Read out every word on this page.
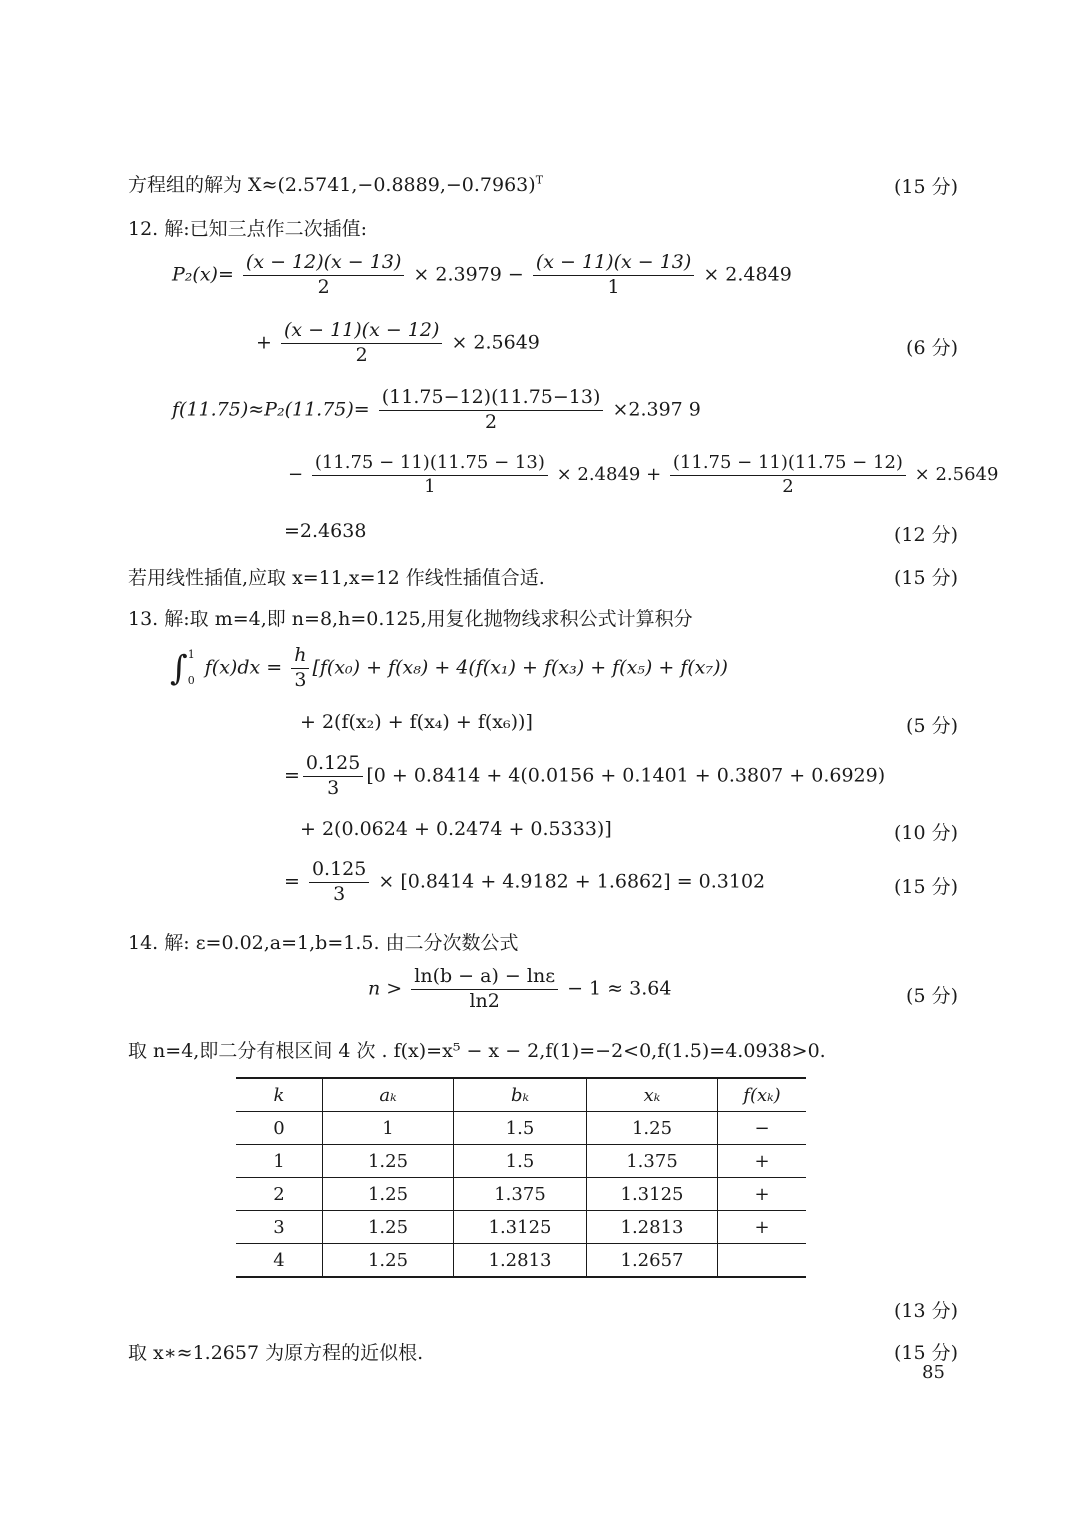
方程组的解为 $X\approx(2.5741,-0.8889,-0.7963)^T$	(15 分)
12. 解:已知三点作二次插值:
$P_2(x)= \frac{(x - 12)(x - 13)}{2} \times 2.3979 - \frac{(x - 11)(x - 13)}{1} \times 2.4849$
+ $\frac{(x - 11)(x - 12)}{2} \times 2.5649$	(6 分)
$f(11.75)\approx P_2(11.75)= \frac{(11.75-12)(11.75-13)}{2} \times 2.397$ 9
− $\frac{(11.75 - 11)(11.75 - 13)}{1} \times 2.4849 + \frac{(11.75 - 11)(11.75 - 12)}{2} \times 2.5649$
=2.4638	(12 分)
若用线性插值,应取 x=11,x=12 作线性插值合适.	(15 分)
13. 解:取 m=4,即 n=8,h=0.125,用复化抛物线求积公式计算积分
∫ 1
0
$f(x)dx = \frac{h}{3} [f(x_0) + f(x_8) + 4(f(x_1) + f(x_3) + f(x_5) + f(x_7))$
+ 2(f(x₂) + f(x₄) + f(x₆))]	(5 分)
= $\frac{0.125}{3} [0 + 0.8414 + 4(0.0156 + 0.1401 + 0.3807 + 0.6929)$
+ 2(0.0624 + 0.2474 + 0.5333)]	(10 分)
= $\frac{0.125}{3} \times [0.8414 + 4.9182 + 1.6862] = 0.3102$	(15 分)
14. 解: ε=0.02,a=1,b=1.5. 由二分次数公式
$n > \frac{\ln(b - a) - \ln\varepsilon}{\ln 2} - 1 \approx 3.64$	(5 分)
取 n=4,即二分有根区间 4 次 . f(x)=x⁵ − x − 2,f(1)=−2<0,f(1.5)=4.0938>0.
k	aₖ	bₖ	xₖ	f(xₖ)
0	1	1.5	1.25	−
1	1.25	1.5	1.375	+
2	1.25	1.375	1.3125	+
3	1.25	1.3125	1.2813	+
4	1.25	1.2813	1.2657	
(13 分)
取 x∗≈1.2657 为原方程的近似根.	(15 分)
85
